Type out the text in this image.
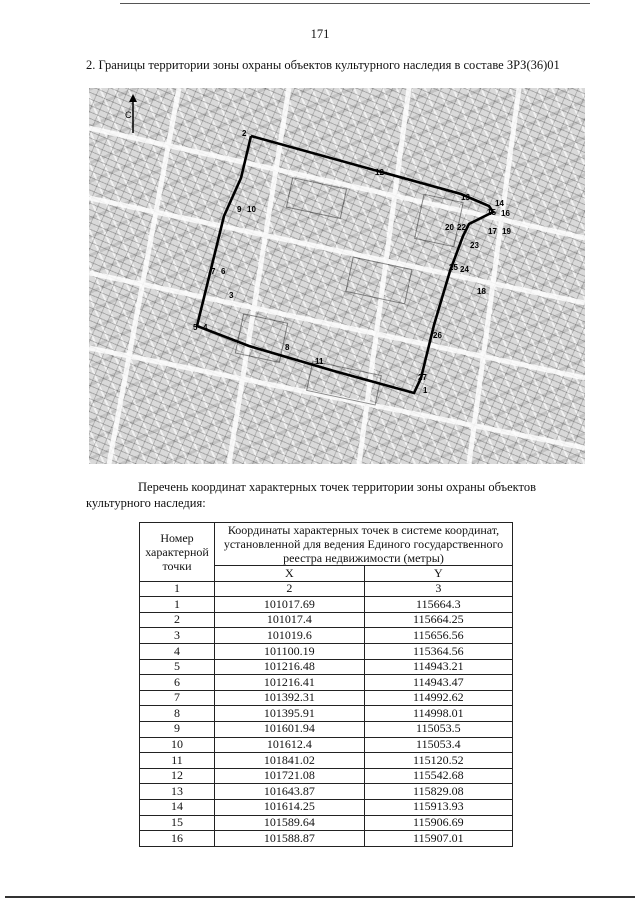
171
2. Границы территории зоны охраны объектов культурного наследия в составе ЗРЗ(36)01
С
1
2
12
13
14
15 16
17 19
20 22
23
24
25
26
27
9 10
7 6
5 4
3
8
11
18
Перечень координат характерных точек территории зоны охраны объектов культурного наследия:
Номер характерной точки	Координаты характерных точек в системе координат, установленной для ведения Единого государственного реестра недвижимости (метры)	
	X	Y
1	2	3
1	101017.69	115664.3
2	101017.4	115664.25
3	101019.6	115656.56
4	101100.19	115364.56
5	101216.48	114943.21
6	101216.41	114943.47
7	101392.31	114992.62
8	101395.91	114998.01
9	101601.94	115053.5
10	101612.4	115053.4
11	101841.02	115120.52
12	101721.08	115542.68
13	101643.87	115829.08
14	101614.25	115913.93
15	101589.64	115906.69
16	101588.87	115907.01
